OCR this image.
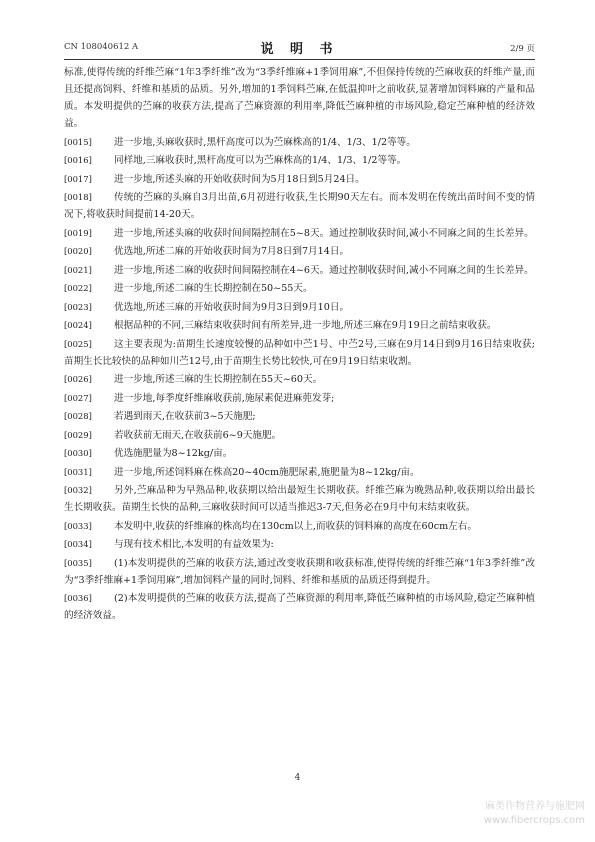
CN 108040612 A	说 明 书	2/9 页

标准,使得传统的纤维苎麻“1年3季纤维”改为“3季纤维麻+1季饲用麻”,不但保持传统的苎麻收获的纤维产量,而且还提高饲料、纤维和基质的品质。另外,增加的1季饲料苎麻,在低温抑叶之前收获,显著增加饲料麻的产量和品质。本发明提供的苎麻的收获方法,提高了苎麻资源的利用率,降低苎麻种植的市场风险,稳定苎麻种植的经济效益。

[0015]	进一步地,头麻收获时,黑杆高度可以为苎麻株高的1/4、1/3、1/2等等。

[0016]	同样地,三麻收获时,黑杆高度可以为苎麻株高的1/4、1/3、1/2等等。

[0017]	进一步地,所述头麻的开始收获时间为5月18日到5月24日。

[0018]	传统的苎麻的头麻自3月出苗,6月初进行收获,生长期90天左右。而本发明在传统出苗时间不变的情况下,将收获时间提前14-20天。

[0019]	进一步地,所述头麻的收获时间间隔控制在5~8天。通过控制收获时间,减小不同麻之间的生长差异。

[0020]	优选地,所述二麻的开始收获时间为7月8日到7月14日。

[0021]	进一步地,所述二麻的收获时间间隔控制在4~6天。通过控制收获时间,减小不同麻之间的生长差异。

[0022]	进一步地,所述二麻的生长期控制在50~55天。

[0023]	优选地,所述三麻的开始收获时间为9月3日到9月10日。

[0024]	根据品种的不同,三麻结束收获时间有所差异,进一步地,所述三麻在9月19日之前结束收获。

[0025]	这主要表现为:苗期生长速度较慢的品种如中苎1号、中苎2号,三麻在9月14日到9月16日结束收获;苗期生长比较快的品种如川苎12号,由于苗期生长势比较快,可在9月19日结束收割。

[0026]	进一步地,所述三麻的生长期控制在55天~60天。

[0027]	进一步地,每季度纤维麻收获前,施尿素促进麻蔸发芽;

[0028]	若遇到雨天,在收获前3~5天施肥;

[0029]	若收获前无雨天,在收获前6~9天施肥。

[0030]	优选施肥量为8~12kg/亩。

[0031]	进一步地,所述饲料麻在株高20~40cm施肥尿素,施肥量为8~12kg/亩。

[0032]	另外,苎麻品种为早熟品种,收获期以给出最短生长期收获。纤维苎麻为晚熟品种,收获期以给出最长生长期收获。苗期生长快的品种,三麻收获时间可以适当推迟3-7天,但务必在9月中旬末结束收获。

[0033]	本发明中,收获的纤维麻的株高均在130cm以上,而收获的饲料麻的高度在60cm左右。

[0034]	与现有技术相比,本发明的有益效果为:

[0035]	(1)本发明提供的苎麻的收获方法,通过改变收获期和收获标准,使得传统的纤维苎麻“1年3季纤维”改为“3季纤维麻+1季饲用麻”,增加饲料产量的同时,饲料、纤维和基质的品质还得到提升。

[0036]	(2)本发明提供的苎麻的收获方法,提高了苎麻资源的利用率,降低苎麻种植的市场风险,稳定苎麻种植的经济效益。

4
麻类作物营养与施肥网
www.fibercrops.com
